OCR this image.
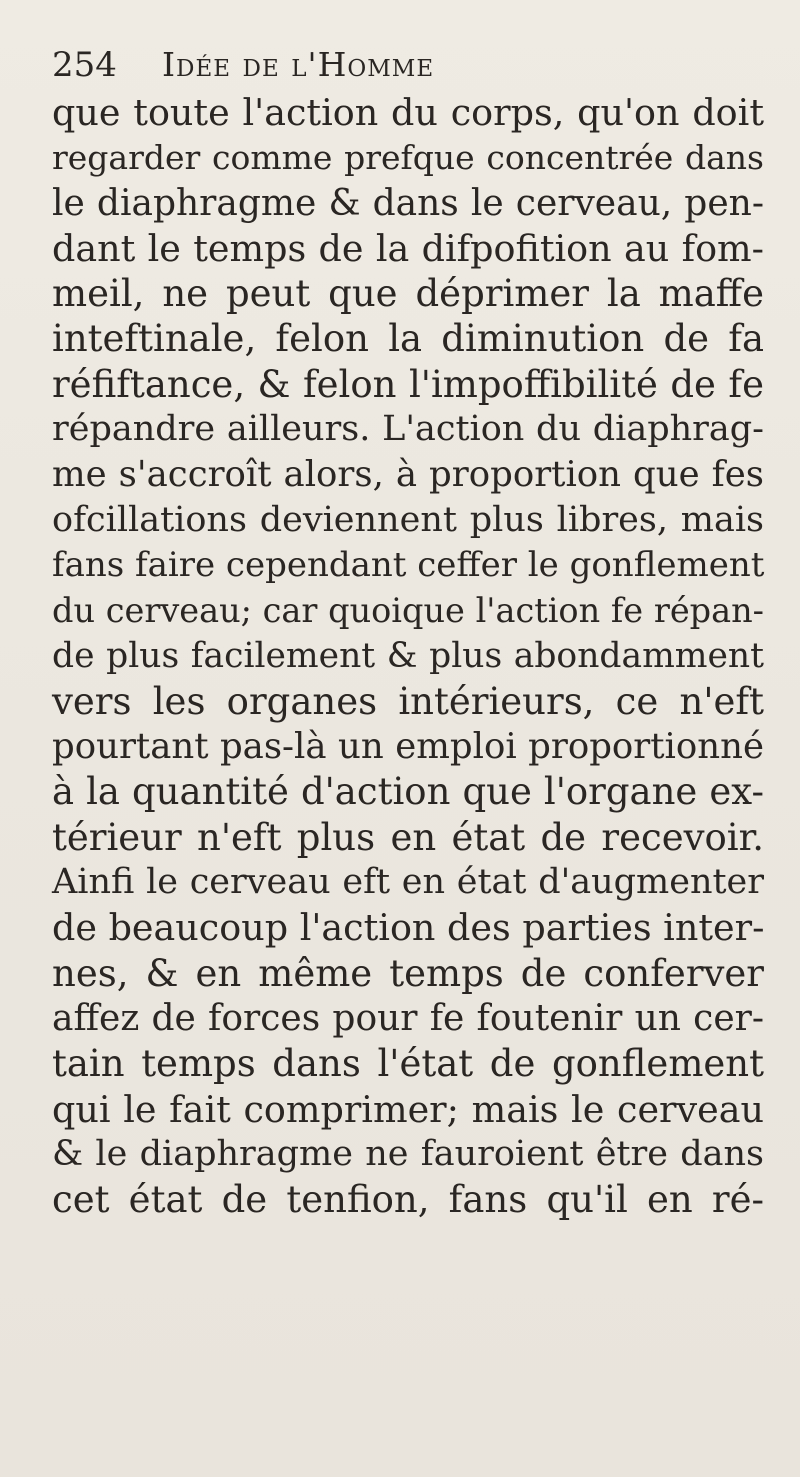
254 Idée de l'Homme
que toute l'action du corps, qu'on doit
regarder comme prefque concentrée dans
le diaphragme & dans le cerveau, pen-
dant le temps de la difpofition au fom-
meil, ne peut que déprimer la maffe
inteftinale, felon la diminution de fa
réfiftance, & felon l'impoffibilité de fe
répandre ailleurs. L'action du diaphrag-
me s'accroît alors, à proportion que fes
ofcillations deviennent plus libres, mais
fans faire cependant ceffer le gonflement
du cerveau; car quoique l'action fe répan-
de plus facilement & plus abondamment
vers les organes intérieurs, ce n'eft
pourtant pas-là un emploi proportionné
à la quantité d'action que l'organe ex-
térieur n'eft plus en état de recevoir.
Ainfi le cerveau eft en état d'augmenter
de beaucoup l'action des parties inter-
nes, & en même temps de conferver
affez de forces pour fe foutenir un cer-
tain temps dans l'état de gonflement
qui le fait comprimer; mais le cerveau
& le diaphragme ne fauroient être dans
cet état de tenfion, fans qu'il en ré-
